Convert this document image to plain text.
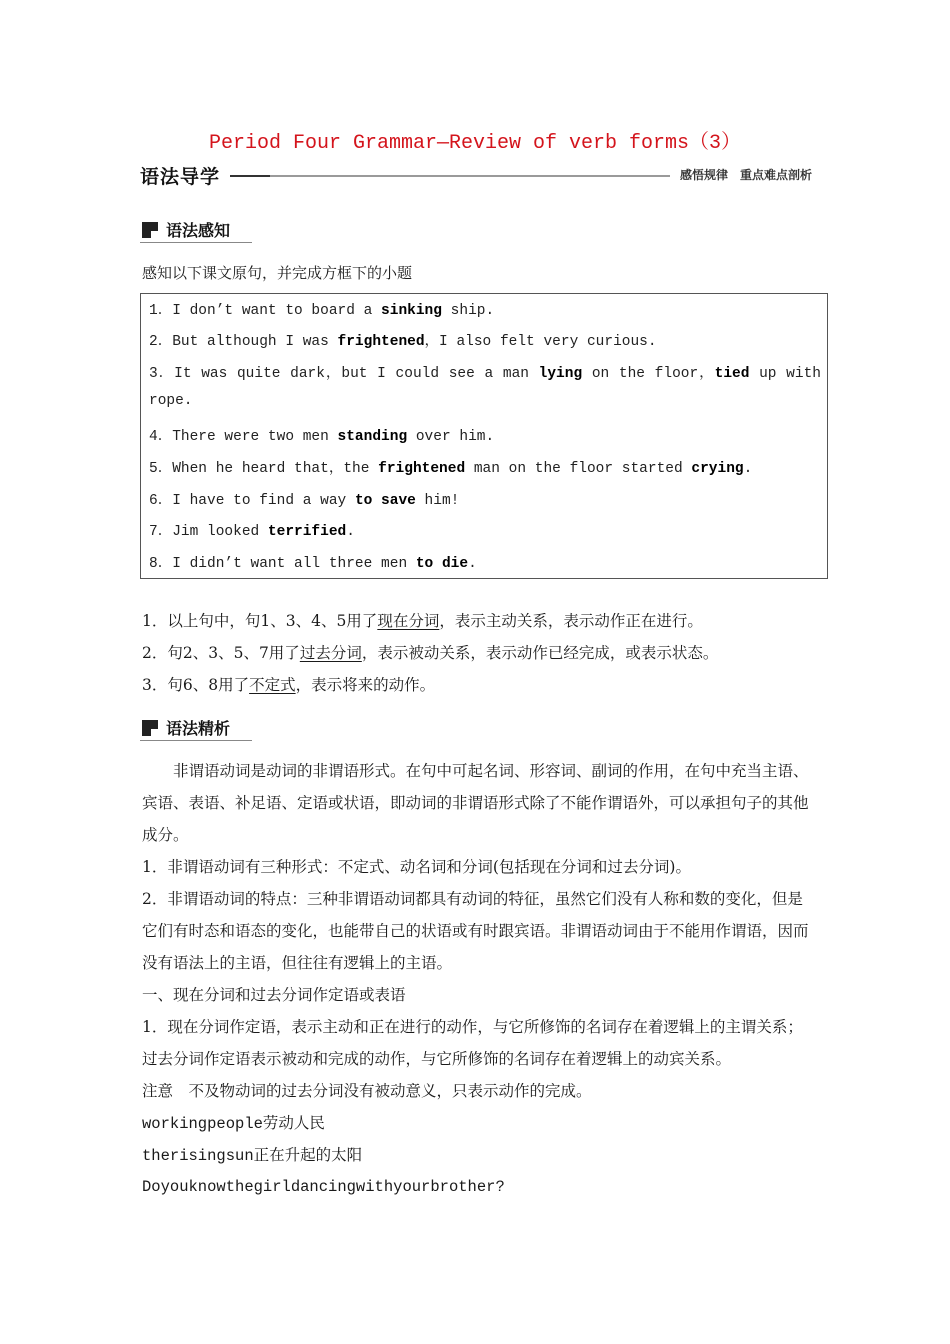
Period Four Grammar—Review of verb forms（3）
语法导学	感悟规律　重点难点剖析
语法感知
感知以下课文原句，并完成方框下的小题
1．I don’t want to board a sinking ship.
2．But although I was frightened，I also felt very curious.
3．It was quite dark，but I could see a man lying on the floor，tied up with
rope.
4．There were two men standing over him.
5．When he heard that，the frightened man on the floor started crying.
6．I have to find a way to save him!
7．Jim looked terrified.
8．I didn’t want all three men to die.
1．以上句中，句1、3、4、5用了现在分词，表示主动关系，表示动作正在进行。
2．句2、3、5、7用了过去分词，表示被动关系，表示动作已经完成，或表示状态。
3．句6、8用了不定式，表示将来的动作。
语法精析
非谓语动词是动词的非谓语形式。在句中可起名词、形容词、副词的作用，在句中充当主语、宾语、表语、补足语、定语或状语，即动词的非谓语形式除了不能作谓语外，可以承担句子的其他成分。
1．非谓语动词有三种形式：不定式、动名词和分词(包括现在分词和过去分词)。
2．非谓语动词的特点：三种非谓语动词都具有动词的特征，虽然它们没有人称和数的变化，但是它们有时态和语态的变化，也能带自己的状语或有时跟宾语。非谓语动词由于不能用作谓语，因而没有语法上的主语，但往往有逻辑上的主语。
一、现在分词和过去分词作定语或表语
1．现在分词作定语，表示主动和正在进行的动作，与它所修饰的名词存在着逻辑上的主谓关系；过去分词作定语表示被动和完成的动作，与它所修饰的名词存在着逻辑上的动宾关系。
注意　不及物动词的过去分词没有被动意义，只表示动作的完成。
workingpeople劳动人民
therisingsun正在升起的太阳
Doyouknowthegirldancingwithyourbrother?
